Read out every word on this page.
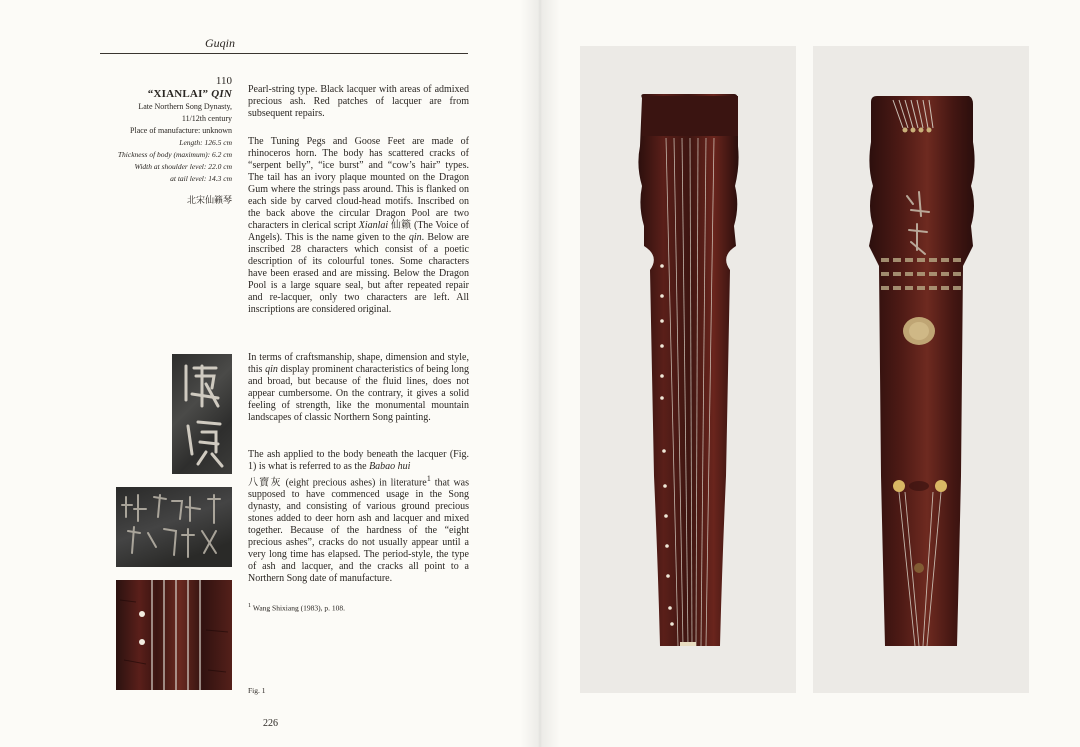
Guqin
110
“XIANLAI” QIN
Late Northern Song Dynasty,
11/12th century
Place of manufacture: unknown
Length: 126.5 cm
Thickness of body (maximum): 6.2 cm
Width at shoulder level: 22.0 cm
at tail level: 14.3 cm
北宋仙籟琴

Pearl-string type. Black lacquer with areas of admixed precious ash. Red patches of lacquer are from subsequent repairs.

The Tuning Pegs and Goose Feet are made of rhinoceros horn. The body has scattered cracks of “serpent belly”, “ice burst” and “cow’s hair” types. The tail has an ivory plaque mounted on the Dragon Gum where the strings pass around. This is flanked on each side by carved cloud-head motifs. Inscribed on the back above the circular Dragon Pool are two characters in clerical script Xianlai 仙籟 (The Voice of Angels). This is the name given to the qin. Below are inscribed 28 characters which consist of a poetic description of its colourful tones. Some characters have been erased and are missing. Below the Dragon Pool is a large square seal, but after repeated repair and re-lacquer, only two characters are left. All inscriptions are considered original.

In terms of craftsmanship, shape, dimension and style, this qin display prominent characteristics of being long and broad, but because of the fluid lines, does not appear cumbersome. On the contrary, it gives a solid feeling of strength, like the monumental mountain landscapes of classic Northern Song painting.

The ash applied to the body beneath the lacquer (Fig. 1) is what is referred to as the Babao hui
八寶灰 (eight precious ashes) in literature$^1$ that was supposed to have commenced usage in the Song dynasty, and consisting of various ground precious stones added to deer horn ash and lacquer and mixed together. Because of the hardness of the “eight precious ashes”, cracks do not usually appear until a very long time has elapsed. The period-style, the type of ash and lacquer, and the cracks all point to a Northern Song date of manufacture.

$^1$ Wang Shixiang (1983), p. 108.
Fig. 1
226
